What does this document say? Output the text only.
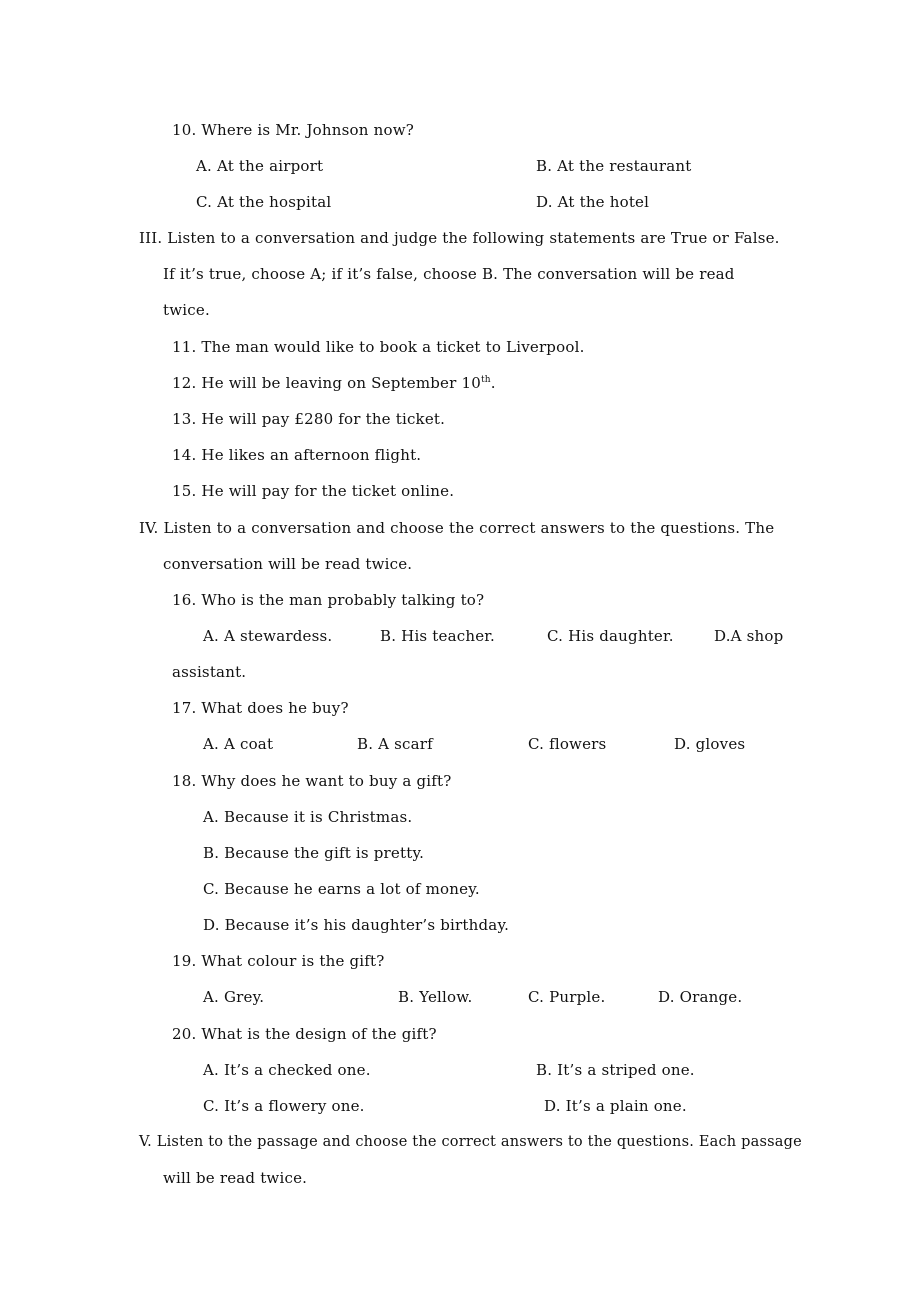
10. Where is Mr. Johnson now?
A. At the airport	B. At the restaurant
C. At the hospital	D. At the hotel
III. Listen to a conversation and judge the following statements are True or False.
If it’s true, choose A; if it’s false, choose B. The conversation will be read
twice.
11. The man would like to book a ticket to Liverpool.
12. He will be leaving on September 10th.
13. He will pay £280 for the ticket.
14. He likes an afternoon flight.
15. He will pay for the ticket online.
IV. Listen to a conversation and choose the correct answers to the questions. The
conversation will be read twice.
16. Who is the man probably talking to?
A. A stewardess.	B. His teacher.	C. His daughter.	D.A shop
assistant.
17. What does he buy?
A. A coat	B. A scarf	C. flowers	D. gloves
18. Why does he want to buy a gift?
A. Because it is Christmas.
B. Because the gift is pretty.
C. Because he earns a lot of money.
D. Because it’s his daughter’s birthday.
19. What colour is the gift?
A. Grey.	B. Yellow.	C. Purple.	D. Orange.
20. What is the design of the gift?
A. It’s a checked one.	B. It’s a striped one.
C. It’s a flowery one.	D. It’s a plain one.
V. Listen to the passage and choose the correct answers to the questions. Each passage
will be read twice.
